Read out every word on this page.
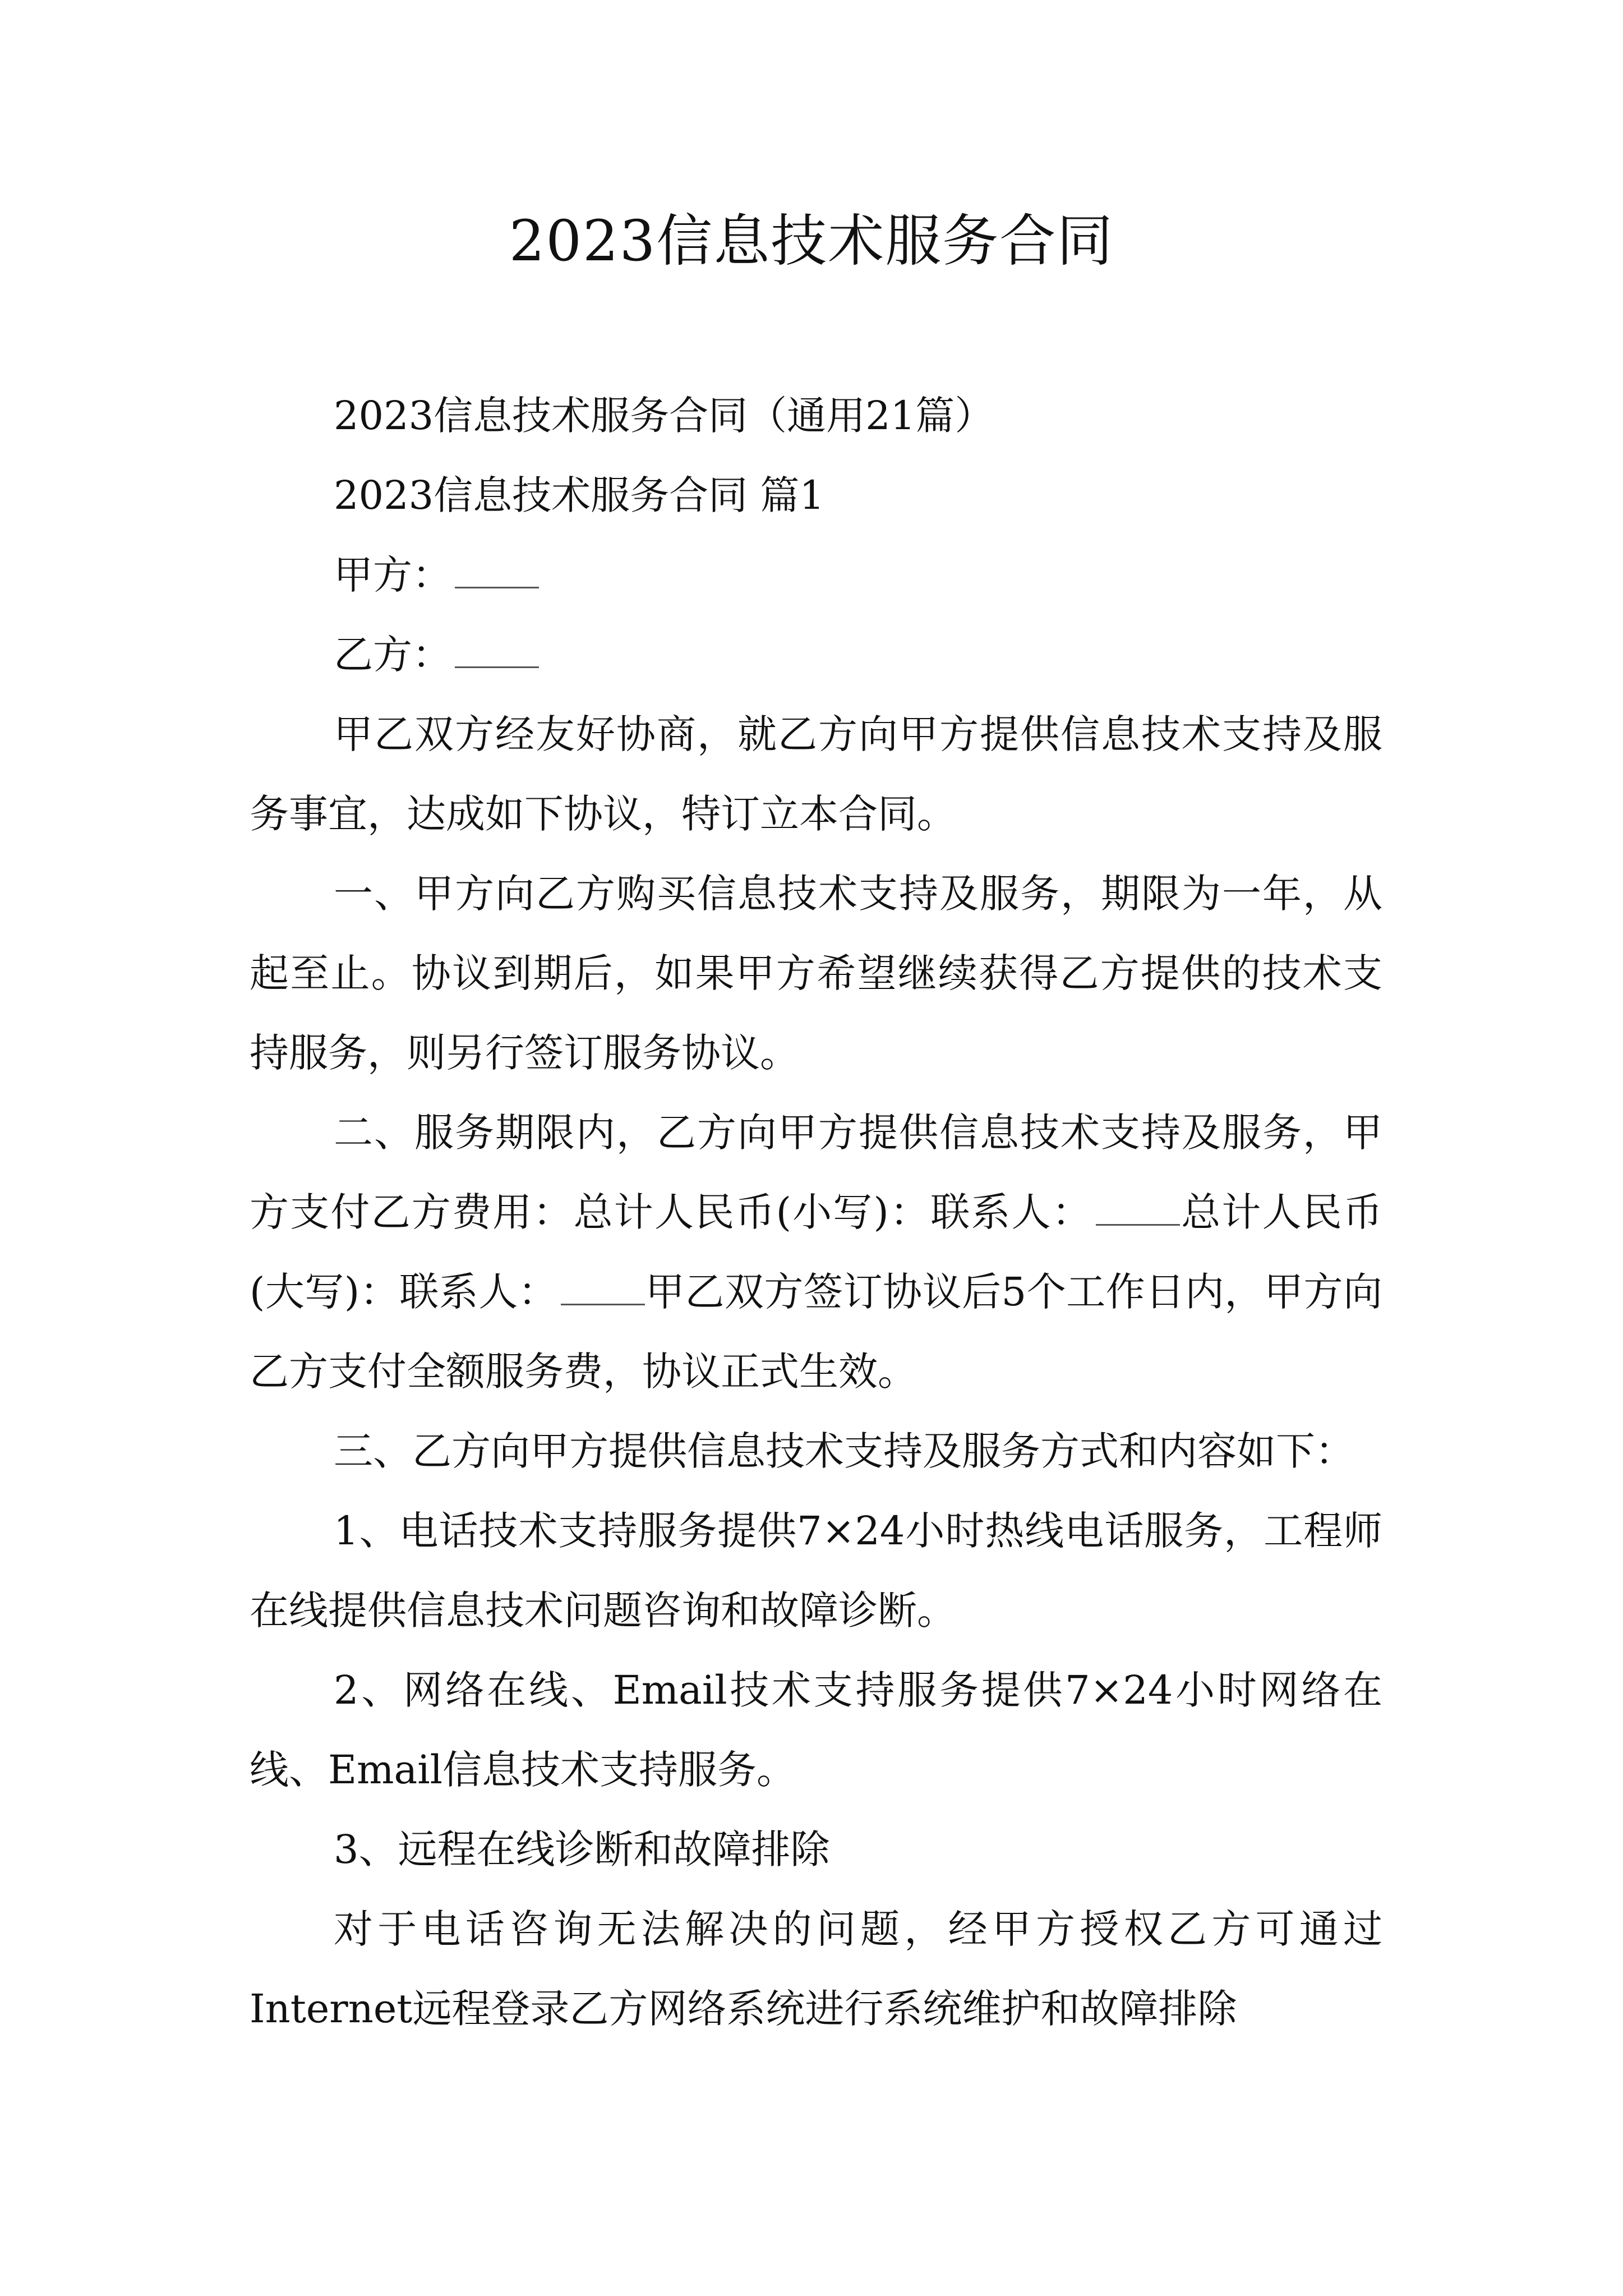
2023信息技术服务合同

2023信息技术服务合同（通用21篇）

2023信息技术服务合同 篇1

甲方：

乙方：

甲乙双方经友好协商，就乙方向甲方提供信息技术支持及服务事宜，达成如下协议，特订立本合同。

一、甲方向乙方购买信息技术支持及服务，期限为一年，从起至止。协议到期后，如果甲方希望继续获得乙方提供的技术支持服务，则另行签订服务协议。

二、服务期限内，乙方向甲方提供信息技术支持及服务，甲方支付乙方费用：总计人民币(小写)：联系人： 总计人民币(大写)：联系人： 甲乙双方签订协议后5个工作日内，甲方向乙方支付全额服务费，协议正式生效。

三、乙方向甲方提供信息技术支持及服务方式和内容如下：

1、电话技术支持服务提供7×24小时热线电话服务，工程师在线提供信息技术问题咨询和故障诊断。

2、网络在线、Email技术支持服务提供7×24小时网络在线、Email信息技术支持服务。

3、远程在线诊断和故障排除

对于电话咨询无法解决的问题，经甲方授权乙方可通过Internet远程登录乙方网络系统进行系统维护和故障排除
